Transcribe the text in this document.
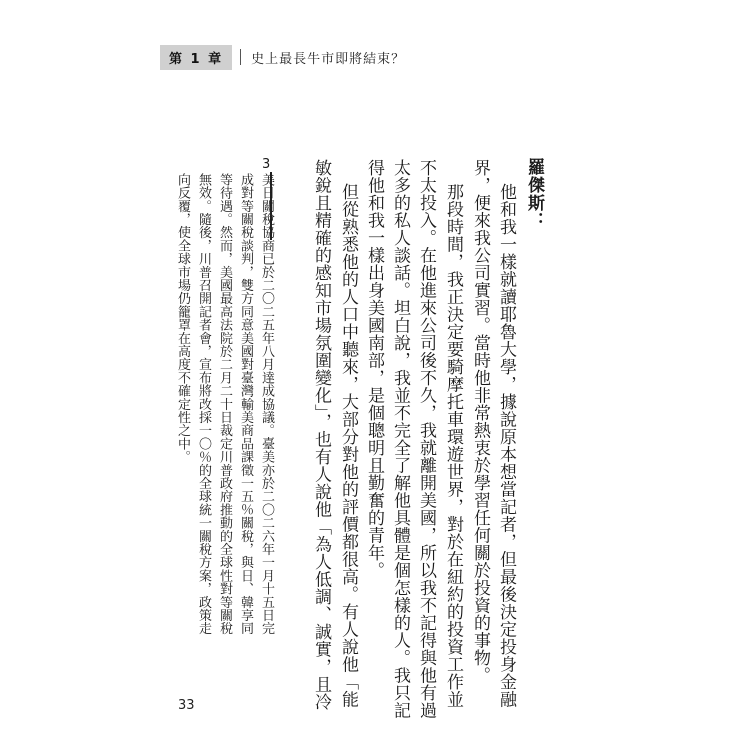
第 1 章	史上最長牛市即將結束？
羅傑斯：
他和我一樣就讀耶魯大學，據說原本想當記者，但最後決定投身金融
界，便來我公司實習。當時他非常熱衷於學習任何關於投資的事物。
那段時間，我正決定要騎摩托車環遊世界，對於在紐約的投資工作並
不太投入。在他進來公司後不久，我就離開美國，所以我不記得與他有過
太多的私人談話。坦白說，我並不完全了解他具體是個怎樣的人。我只記
得他和我一樣出身美國南部，是個聰明且勤奮的青年。
但從熟悉他的人口中聽來，大部分對他的評價都很高。有人說他「能
敏銳且精確的感知市場氛圍變化」，也有人說他「為人低調、誠實，且冷
3
美日關稅協商已於二〇二五年八月達成協議。臺美亦於二〇二六年一月十五日完
成對等關稅談判，雙方同意美國對臺灣輸美商品課徵一五％關稅，與日、韓享同
等待遇。然而，美國最高法院於二月二十日裁定川普政府推動的全球性對等關稅
無效。隨後，川普召開記者會，宣布將改採一〇％的全球統一關稅方案，政策走
向反覆，使全球市場仍籠罩在高度不確定性之中。
33
